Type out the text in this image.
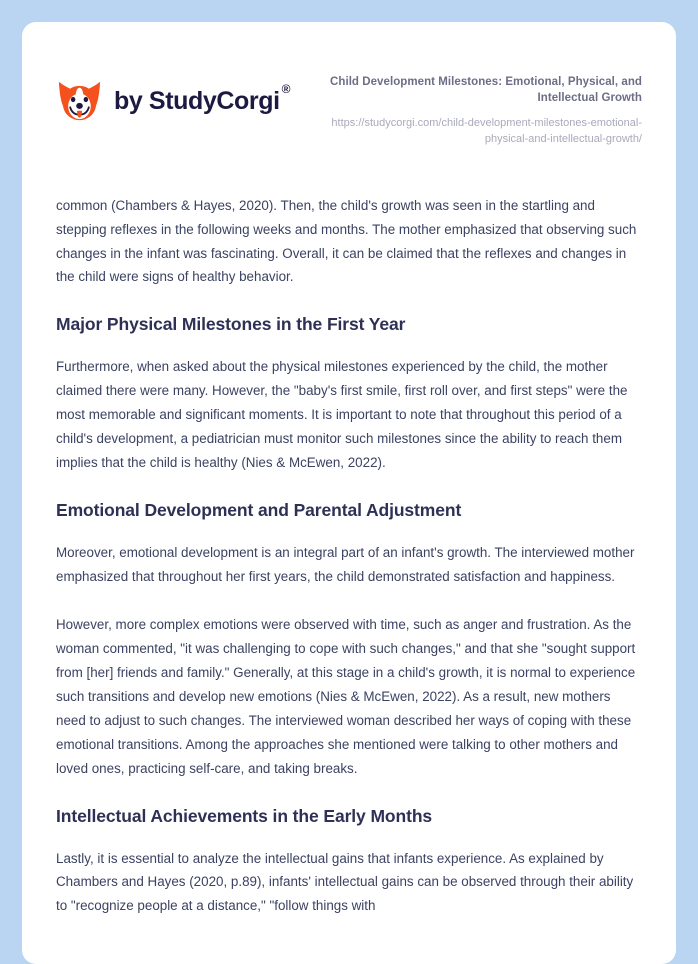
by StudyCorgi ®	Child Development Milestones: Emotional, Physical, and Intellectual Growth
https://studycorgi.com/child-development-milestones-emotional-physical-and-intellectual-growth/

common (Chambers & Hayes, 2020). Then, the child's growth was seen in the startling and stepping reflexes in the following weeks and months. The mother emphasized that observing such changes in the infant was fascinating. Overall, it can be claimed that the reflexes and changes in the child were signs of healthy behavior.

Major Physical Milestones in the First Year

Furthermore, when asked about the physical milestones experienced by the child, the mother claimed there were many. However, the "baby's first smile, first roll over, and first steps" were the most memorable and significant moments. It is important to note that throughout this period of a child's development, a pediatrician must monitor such milestones since the ability to reach them implies that the child is healthy (Nies & McEwen, 2022).

Emotional Development and Parental Adjustment

Moreover, emotional development is an integral part of an infant's growth. The interviewed mother emphasized that throughout her first years, the child demonstrated satisfaction and happiness.

However, more complex emotions were observed with time, such as anger and frustration. As the woman commented, "it was challenging to cope with such changes," and that she "sought support from [her] friends and family." Generally, at this stage in a child's growth, it is normal to experience such transitions and develop new emotions (Nies & McEwen, 2022). As a result, new mothers need to adjust to such changes. The interviewed woman described her ways of coping with these emotional transitions. Among the approaches she mentioned were talking to other mothers and loved ones, practicing self-care, and taking breaks.

Intellectual Achievements in the Early Months

Lastly, it is essential to analyze the intellectual gains that infants experience. As explained by Chambers and Hayes (2020, p.89), infants' intellectual gains can be observed through their ability to "recognize people at a distance," "follow things with
